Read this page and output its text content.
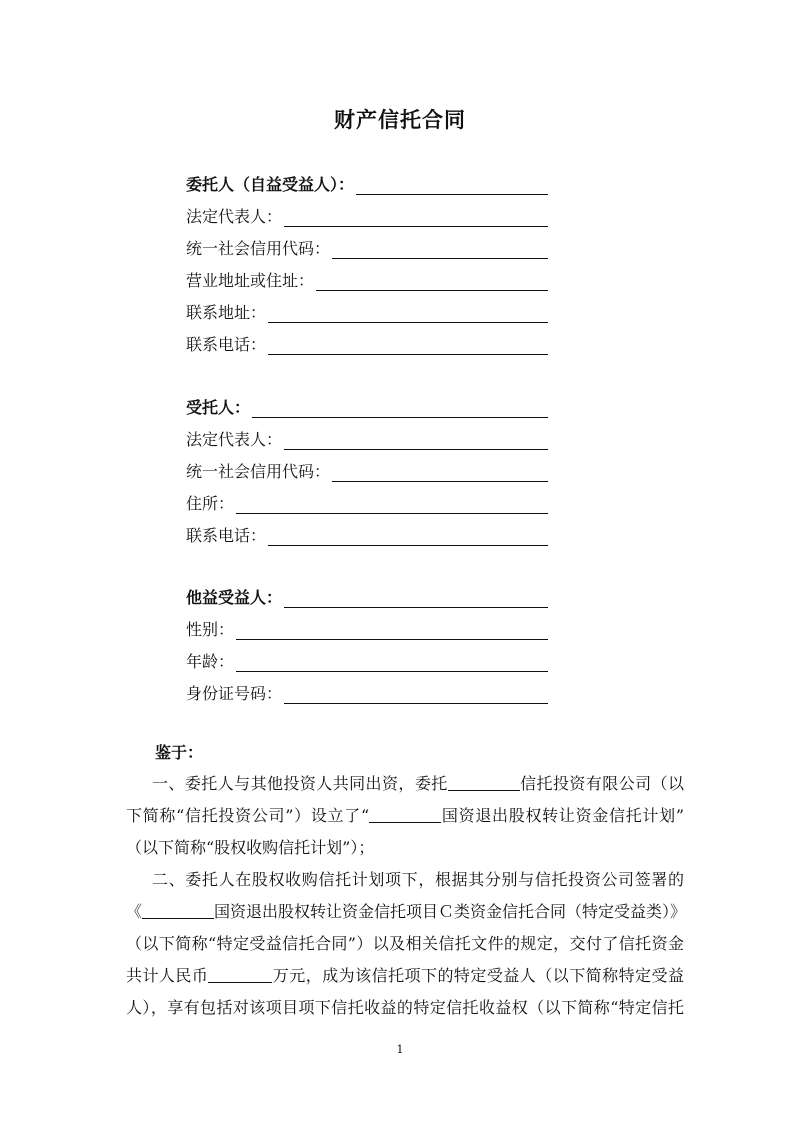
财产信托合同
委托人（自益受益人）：
法定代表人：
统一社会信用代码：
营业地址或住址：
联系地址：
联系电话：
受托人：
法定代表人：
统一社会信用代码：
住所：
联系电话：
他益受益人：
性别：
年龄：
身份证号码：
鉴于：
一、委托人与其他投资人共同出资，委托	信托投资有限公司（以
下简称“信托投资公司”）设立了“	国资退出股权转让资金信托计划”
（以下简称“股权收购信托计划”）；
二、委托人在股权收购信托计划项下，根据其分别与信托投资公司签署的
《	国资退出股权转让资金信托项目Ｃ类资金信托合同（特定受益类）》
（以下简称“特定受益信托合同”）以及相关信托文件的规定，交付了信托资金
共计人民币	万元，成为该信托项下的特定受益人（以下简称特定受益
人），享有包括对该项目项下信托收益的特定信托收益权（以下简称“特定信托
1
